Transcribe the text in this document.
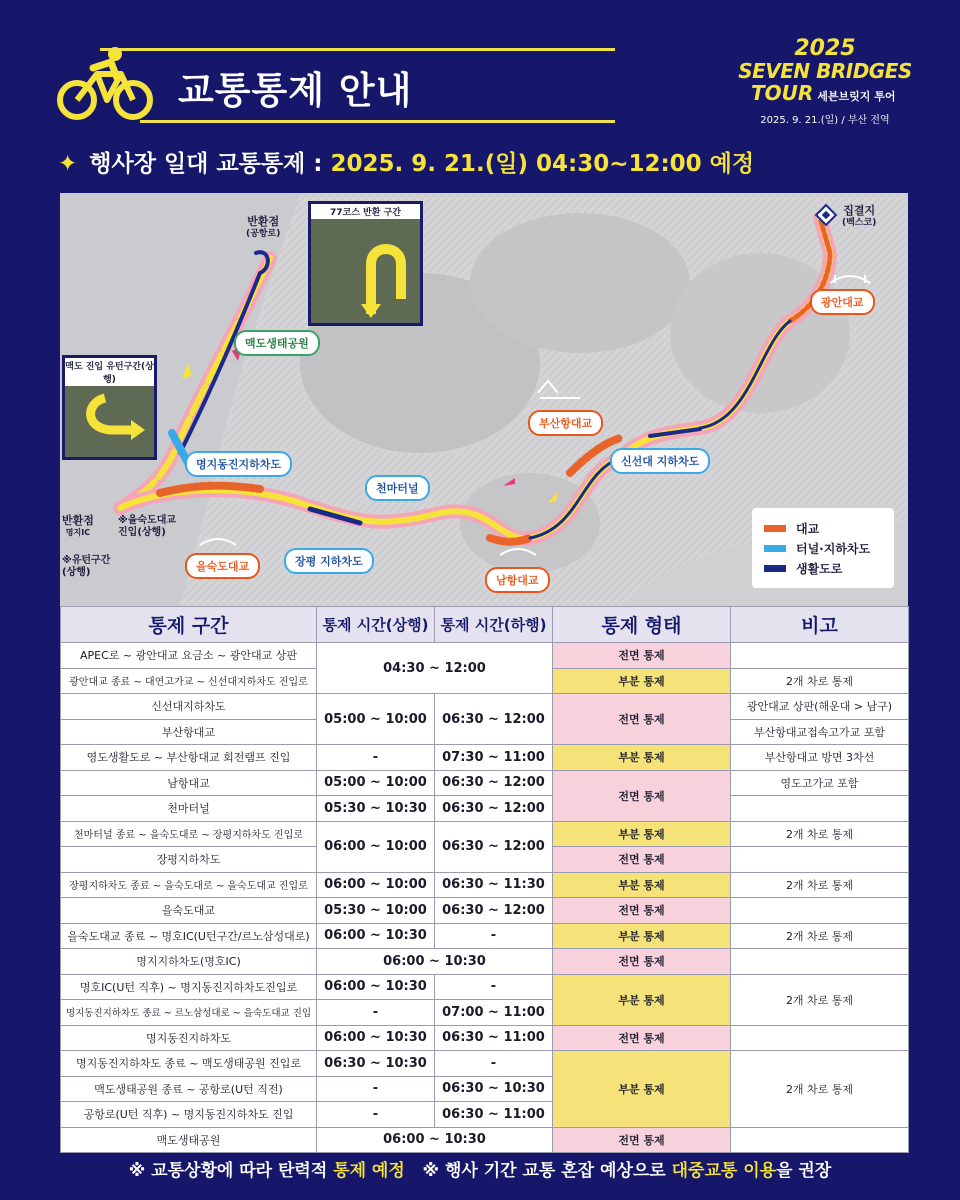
교통통제 안내
2025
SEVEN BRIDGES
TOUR 세븐브릿지 투어
2025. 9. 21.(일) / 부산 전역
✦ 행사장 일대 교통통제 : 2025. 9. 21.(일) 04:30~12:00 예정
77코스 반환 구간
맥도 진입 유턴구간(상행)
집결지
(벡스코)
반환점
(공항로)
반환점
명지IC
※유턴구간
(상행)
※을숙도대교
진입(상행)
광안대교
부산항대교
신선대 지하차도
천마터널
남항대교
장평 지하차도
을숙도대교
명지동진지하차도
맥도생태공원
대교
터널·지하차도
생활도로
통제 구간	통제 시간(상행)	통제 시간(하행)	통제 형태	비고
APEC로 ~ 광안대교 요금소 ~ 광안대교 상판	04:30 ~ 12:00		전면 통제	
광안대교 종료 ~ 대연고가교 ~ 신선대지하차도 진입로			부분 통제	2개 차로 통제
신선대지하차도	05:00 ~ 10:00	06:30 ~ 12:00	전면 통제	광안대교 상판(해운대 > 남구)
부산항대교				부산항대교접속고가교 포함
영도생활도로 ~ 부산항대교 회전램프 진입	-	07:30 ~ 11:00	부분 통제	부산항대교 방면 3차선
남항대교	05:00 ~ 10:00	06:30 ~ 12:00	전면 통제	영도고가교 포함
천마터널	05:30 ~ 10:30	06:30 ~ 12:00		
천마터널 종료 ~ 을숙도대로 ~ 장평지하차도 진입로	06:00 ~ 10:00	06:30 ~ 12:00	부분 통제	2개 차로 통제
장평지하차도			전면 통제	
장평지하차도 종료 ~ 을숙도대로 ~ 을숙도대교 진입로	06:00 ~ 10:00	06:30 ~ 11:30	부분 통제	2개 차로 통제
을숙도대교	05:30 ~ 10:00	06:30 ~ 12:00	전면 통제	
을숙도대교 종료 ~ 명호IC(U턴구간/르노삼성대로)	06:00 ~ 10:30	-	부분 통제	2개 차로 통제
명지지하차도(명호IC)	06:00 ~ 10:30		전면 통제	
명호IC(U턴 직후) ~ 명지동진지하차도진입로	06:00 ~ 10:30	-	부분 통제	2개 차로 통제
명지동진지하차도 종료 ~ 르노삼성대로 ~ 을숙도대교 진입	-	07:00 ~ 11:00		
명지동진지하차도	06:00 ~ 10:30	06:30 ~ 11:00	전면 통제	
명지동진지하차도 종료 ~ 맥도생태공원 진입로	06:30 ~ 10:30	-	부분 통제	2개 차로 통제
맥도생태공원 종료 ~ 공항로(U턴 직전)	-	06:30 ~ 10:30		
공항로(U턴 직후) ~ 명지동진지하차도 진입	-	06:30 ~ 11:00		
맥도생태공원	06:00 ~ 10:30		전면 통제	
※ 교통상황에 따라 탄력적 통제 예정   ※ 행사 기간 교통 혼잡 예상으로 대중교통 이용을 권장
